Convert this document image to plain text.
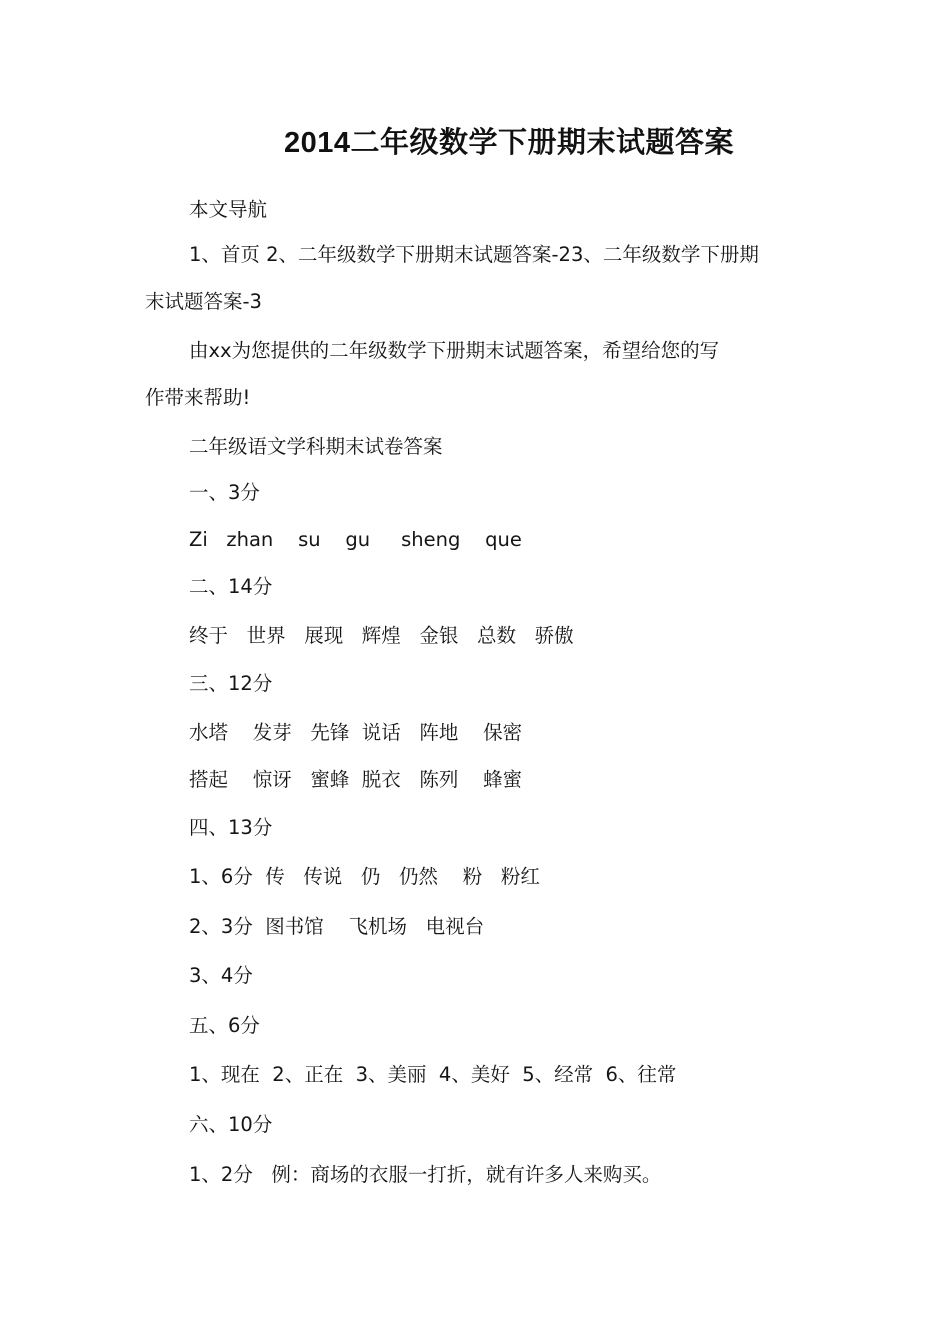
2014二年级数学下册期末试题答案
本文导航
1、首页 2、二年级数学下册期末试题答案-23、二年级数学下册期
末试题答案-3
由xx为您提供的二年级数学下册期末试题答案，希望给您的写
作带来帮助!
二年级语文学科期末试卷答案
一、3分
Zi   zhan    su    gu     sheng    que
二、14分
终于   世界   展现   辉煌   金银   总数   骄傲
三、12分
水塔    发芽   先锋  说话   阵地    保密
搭起    惊讶   蜜蜂  脱衣   陈列    蜂蜜
四、13分
1、6分  传   传说   仍   仍然    粉   粉红
2、3分  图书馆    飞机场   电视台
3、4分
五、6分
1、现在  2、正在  3、美丽  4、美好  5、经常  6、往常
六、10分
1、2分   例：商场的衣服一打折，就有许多人来购买。
